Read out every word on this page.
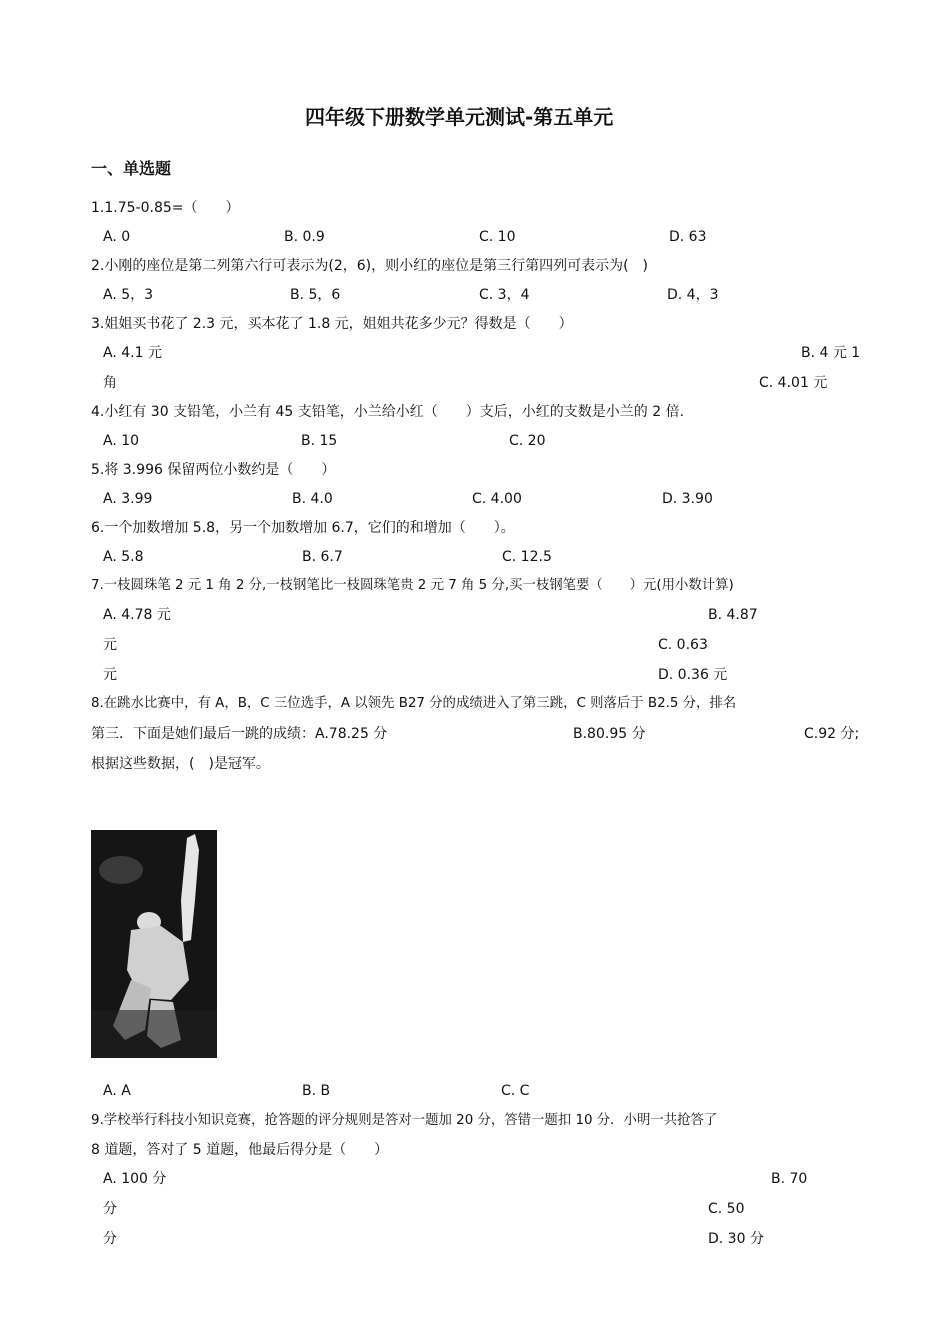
四年级下册数学单元测试-第五单元
一、单选题
1.1.75-0.85=（　　）
A. 0	B. 0.9	C. 10	D. 63
2.小刚的座位是第二列第六行可表示为(2，6)，则小红的座位是第三行第四列可表示为(　)
A. 5，3	B. 5，6	C. 3，4	D. 4，3
3.姐姐买书花了 2.3 元，买本花了 1.8 元，姐姐共花多少元？得数是（　　）
A. 4.1 元	B. 4 元 1
角	C. 4.01 元
4.小红有 30 支铅笔，小兰有 45 支铅笔，小兰给小红（　　）支后，小红的支数是小兰的 2 倍.
A. 10	B. 15	C. 20
5.将 3.996 保留两位小数约是（　　）
A. 3.99	B. 4.0	C. 4.00	D. 3.90
6.一个加数增加 5.8，另一个加数增加 6.7，它们的和增加（　　）。
A. 5.8	B. 6.7	C. 12.5
7.一枝圆珠笔 2 元 1 角 2 分,一枝钢笔比一枝圆珠笔贵 2 元 7 角 5 分,买一枝钢笔要（　　）元(用小数计算)
A. 4.78 元	B. 4.87
元	C. 0.63
元	D. 0.36 元
8.在跳水比赛中，有 A，B，C 三位选手，A 以领先 B27 分的成绩进入了第三跳，C 则落后于 B2.5 分，排名
第三．下面是她们最后一跳的成绩：A.78.25 分	B.80.95 分	C.92 分;
根据这些数据，(　)是冠军。
A. A	B. B	C. C
9.学校举行科技小知识竞赛，抢答题的评分规则是答对一题加 20 分，答错一题扣 10 分．小明一共抢答了
8 道题，答对了 5 道题，他最后得分是（　　）
A. 100 分	B. 70
分	C. 50
分	D. 30 分
